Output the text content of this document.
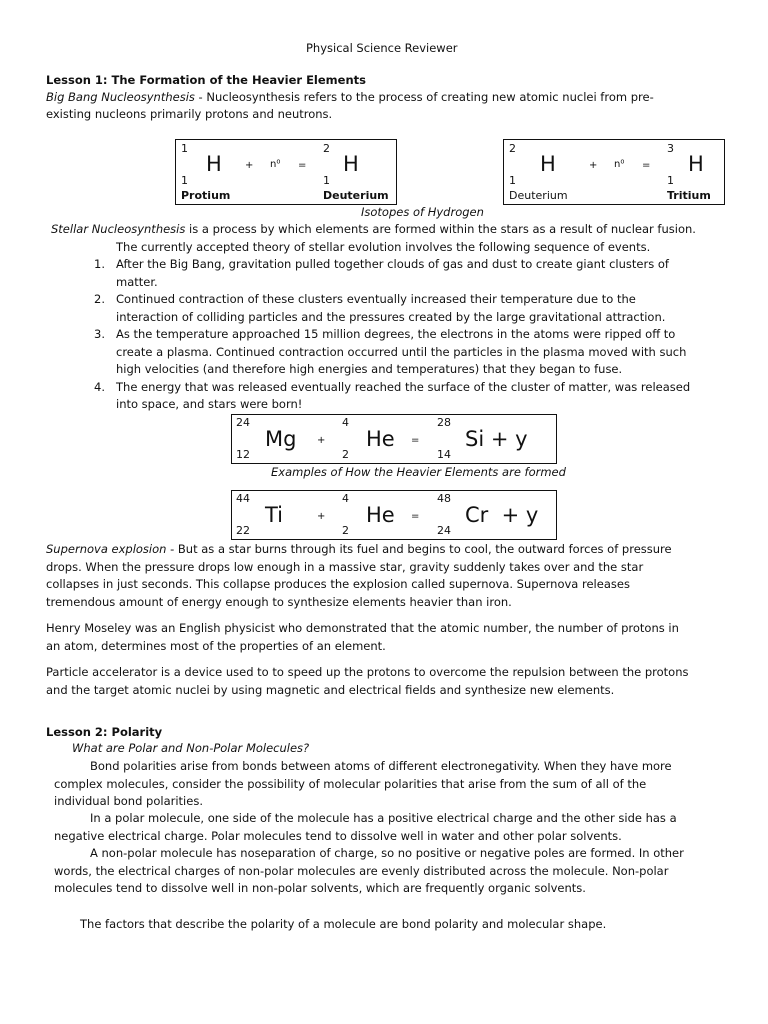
Physical Science Reviewer
Lesson 1: The Formation of the Heavier Elements
Big Bang Nucleosynthesis - Nucleosynthesis refers to the process of creating new atomic nuclei from pre-
existing nucleons primarily protons and neutrons.
1
H
1
Protium
+ n⁰ =
2
H
1
Deuterium
2
H
1
Deuterium
+ n⁰ =
3
H
1
Tritium
Isotopes of Hydrogen
Stellar Nucleosynthesis is a process by which elements are formed within the stars as a result of nuclear fusion.
The currently accepted theory of stellar evolution involves the following sequence of events.
1. After the Big Bang, gravitation pulled together clouds of gas and dust to create giant clusters of
matter.
2. Continued contraction of these clusters eventually increased their temperature due to the
interaction of colliding particles and the pressures created by the large gravitational attraction.
3. As the temperature approached 15 million degrees, the electrons in the atoms were ripped off to
create a plasma. Continued contraction occurred until the particles in the plasma moved with such
high velocities (and therefore high energies and temperatures) that they began to fuse.
4. The energy that was released eventually reached the surface of the cluster of matter, was released
into space, and stars were born!
24
Mg
12
+
4
He
2
=
28
Si + y
14
Examples of How the Heavier Elements are formed
44
Ti
22
+
4
He
2
=
48
Cr  + y
24
Supernova explosion - But as a star burns through its fuel and begins to cool, the outward forces of pressure
drops. When the pressure drops low enough in a massive star, gravity suddenly takes over and the star
collapses in just seconds. This collapse produces the explosion called supernova. Supernova releases
tremendous amount of energy enough to synthesize elements heavier than iron.
Henry Moseley was an English physicist who demonstrated that the atomic number, the number of protons in
an atom, determines most of the properties of an element.
Particle accelerator is a device used to to speed up the protons to overcome the repulsion between the protons
and the target atomic nuclei by using magnetic and electrical fields and synthesize new elements.
Lesson 2: Polarity
What are Polar and Non-Polar Molecules?
Bond polarities arise from bonds between atoms of different electronegativity. When they have more
complex molecules, consider the possibility of molecular polarities that arise from the sum of all of the
individual bond polarities.
In a polar molecule, one side of the molecule has a positive electrical charge and the other side has a
negative electrical charge. Polar molecules tend to dissolve well in water and other polar solvents.
A non-polar molecule has noseparation of charge, so no positive or negative poles are formed. In other
words, the electrical charges of non-polar molecules are evenly distributed across the molecule. Non-polar
molecules tend to dissolve well in non-polar solvents, which are frequently organic solvents.
The factors that describe the polarity of a molecule are bond polarity and molecular shape.
